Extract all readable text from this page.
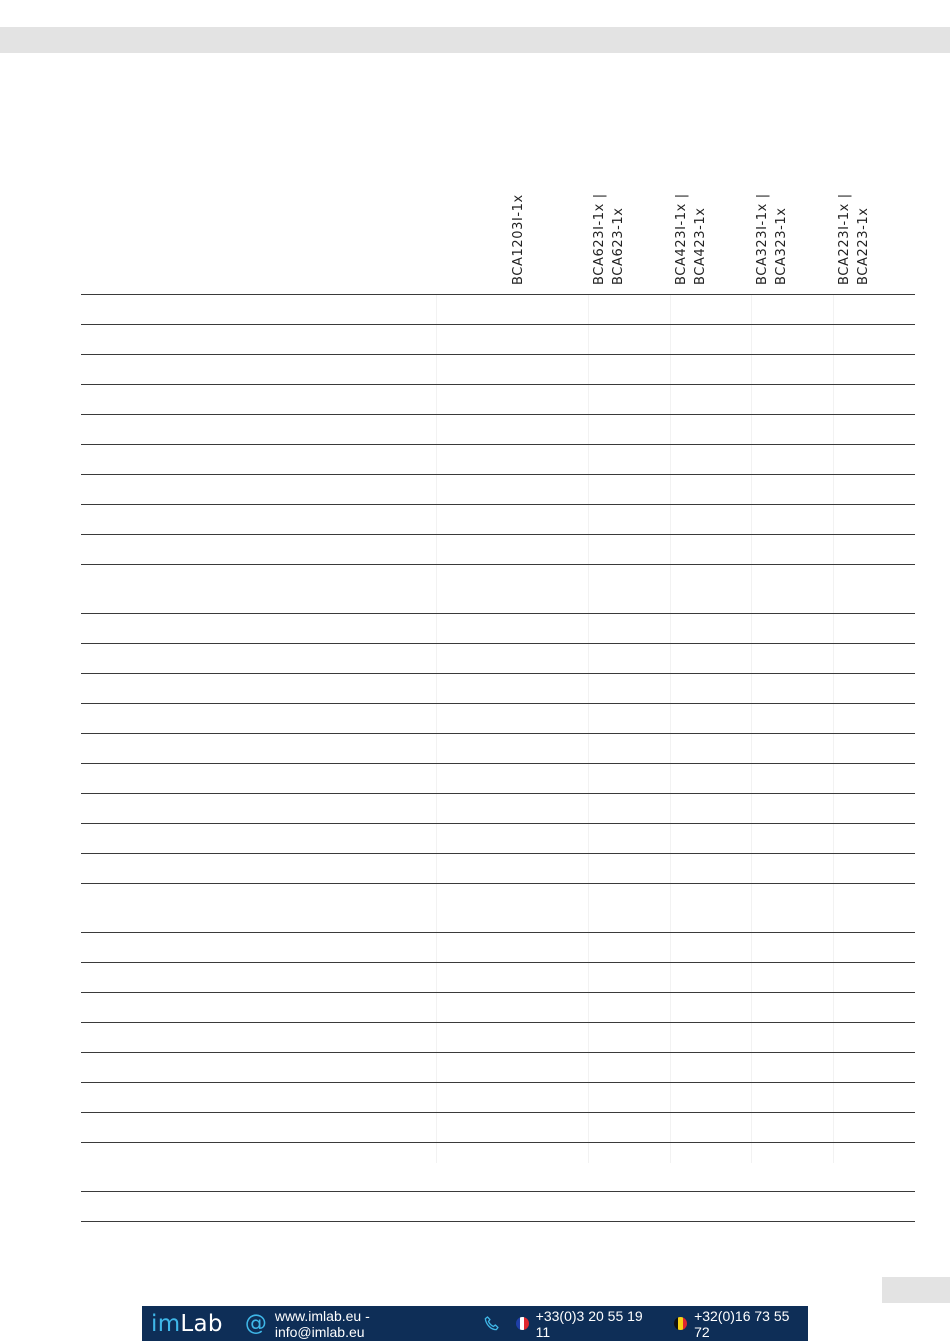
BCA1203I-1x	BCA623I-1x | BCA623-1x	BCA423I-1x | BCA423-1x	BCA323I-1x | BCA323-1x	BCA223I-1x | BCA223-1x
imLab @ www.imlab.eu - info@imlab.eu
+33(0)3 20 55 19 11
+32(0)16 73 55 72
